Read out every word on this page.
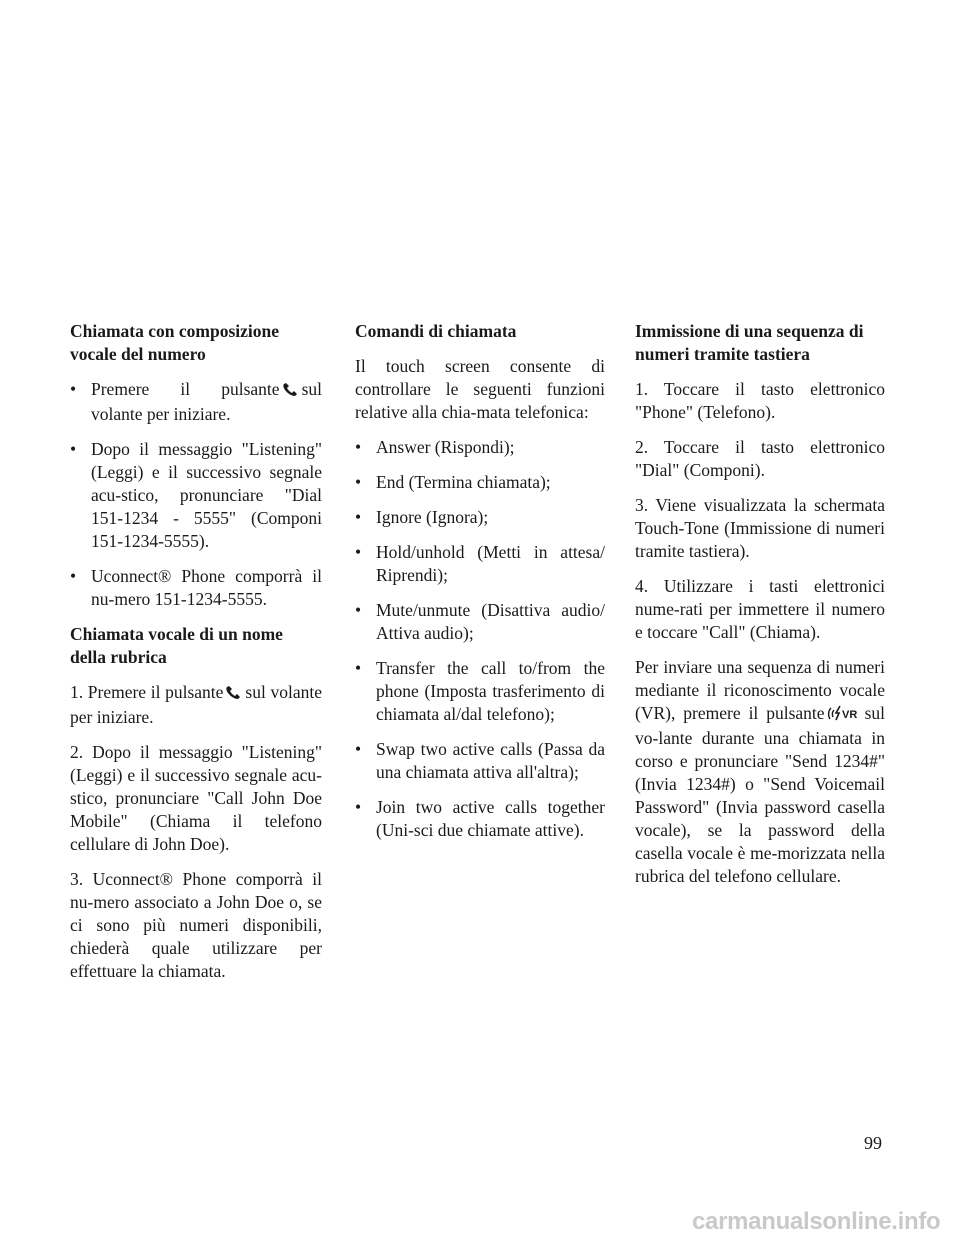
Chiamata con composizione vocale del numero
• Premere il pulsante sul volante per iniziare.
• Dopo il messaggio "Listening" (Leggi) e il successivo segnale acu-stico, pronunciare "Dial 151-1234 - 5555" (Componi 151-1234-5555).
• Uconnect® Phone comporrà il nu-mero 151-1234-5555.
Chiamata vocale di un nome della rubrica
1. Premere il pulsante sul volante per iniziare.
2. Dopo il messaggio "Listening" (Leggi) e il successivo segnale acu-stico, pronunciare "Call John Doe Mobile" (Chiama il telefono cellulare di John Doe).
3. Uconnect® Phone comporrà il nu-mero associato a John Doe o, se ci sono più numeri disponibili, chiederà quale utilizzare per effettuare la chiamata.
Comandi di chiamata
Il touch screen consente di controllare le seguenti funzioni relative alla chia-mata telefonica:
• Answer (Rispondi);
• End (Termina chiamata);
• Ignore (Ignora);
• Hold/unhold (Metti in attesa/ Riprendi);
• Mute/unmute (Disattiva audio/ Attiva audio);
• Transfer the call to/from the phone (Imposta trasferimento di chiamata al/dal telefono);
• Swap two active calls (Passa da una chiamata attiva all'altra);
• Join two active calls together (Uni-sci due chiamate attive).
Immissione di una sequenza di numeri tramite tastiera
1. Toccare il tasto elettronico "Phone" (Telefono).
2. Toccare il tasto elettronico "Dial" (Componi).
3. Viene visualizzata la schermata Touch-Tone (Immissione di numeri tramite tastiera).
4. Utilizzare i tasti elettronici nume-rati per immettere il numero e toccare "Call" (Chiama).
Per inviare una sequenza di numeri mediante il riconoscimento vocale (VR), premere il pulsante VR sul vo-lante durante una chiamata in corso e pronunciare "Send 1234#" (Invia 1234#) o "Send Voicemail Password" (Invia password casella vocale), se la password della casella vocale è me-morizzata nella rubrica del telefono cellulare.
99
carmanualsonline.info
